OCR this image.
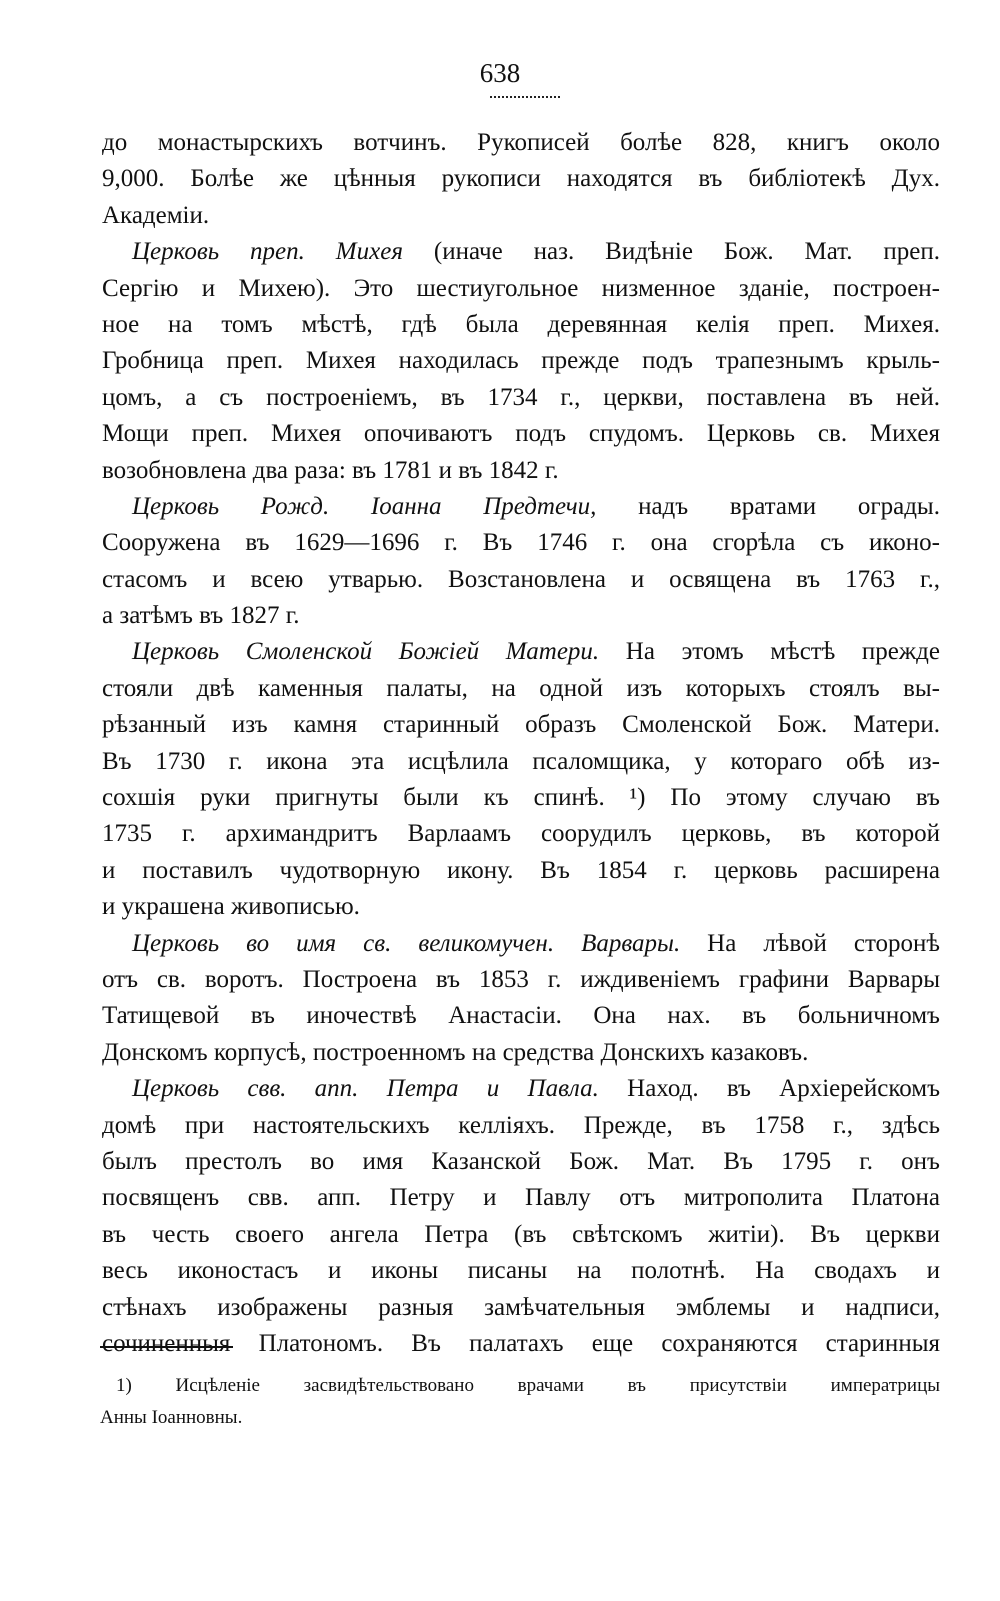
638
до монастырскихъ вотчинъ. Рукописей болѣе 828, книгъ около
9,000. Болѣе же цѣнныя рукописи находятся въ библіотекѣ Дух.
Академіи.
Церковь преп. Михея (иначе наз. Видѣніе Бож. Мат. преп.
Сергію и Михею). Это шестиугольное низменное зданіе, построен-
ное на томъ мѣстѣ, гдѣ была деревянная келія преп. Михея.
Гробница преп. Михея находилась прежде подъ трапезнымъ крыль-
цомъ, а съ построеніемъ, въ 1734 г., церкви, поставлена въ ней.
Мощи преп. Михея опочиваютъ подъ спудомъ. Церковь св. Михея
возобновлена два раза: въ 1781 и въ 1842 г.
Церковь Рожд. Іоанна Предтечи, надъ вратами ограды.
Сооружена въ 1629—1696 г. Въ 1746 г. она сгорѣла съ иконо-
стасомъ и всею утварью. Возстановлена и освящена въ 1763 г.,
а затѣмъ въ 1827 г.
Церковь Смоленской Божіей Матери. На этомъ мѣстѣ прежде
стояли двѣ каменныя палаты, на одной изъ которыхъ стоялъ вы-
рѣзанный изъ камня старинный образъ Смоленской Бож. Матери.
Въ 1730 г. икона эта исцѣлила псаломщика, у котораго обѣ из-
сохшія руки пригнуты были къ спинѣ. ¹) По этому случаю въ
1735 г. архимандритъ Варлаамъ соорудилъ церковь, въ которой
и поставилъ чудотворную икону. Въ 1854 г. церковь расширена
и украшена живописью.
Церковь во имя св. великомучен. Варвары. На лѣвой сторонѣ
отъ св. воротъ. Построена въ 1853 г. иждивеніемъ графини Варвары
Татищевой въ иночествѣ Анастасіи. Она нах. въ больничномъ
Донскомъ корпусѣ, построенномъ на средства Донскихъ казаковъ.
Церковь свв. апп. Петра и Павла. Наход. въ Архіерейскомъ
домѣ при настоятельскихъ келліяхъ. Прежде, въ 1758 г., здѣсь
былъ престолъ во имя Казанской Бож. Мат. Въ 1795 г. онъ
посвященъ свв. апп. Петру и Павлу отъ митрополита Платона
въ честь своего ангела Петра (въ свѣтскомъ житіи). Въ церкви
весь иконостасъ и иконы писаны на полотнѣ. На сводахъ и
стѣнахъ изображены разныя замѣчательныя эмблемы и надписи,
сочиненныя Платономъ. Въ палатахъ еще сохраняются старинныя
1) Исцѣленіе засвидѣтельствовано врачами въ присутствіи императрицы
Анны Іоанновны.
